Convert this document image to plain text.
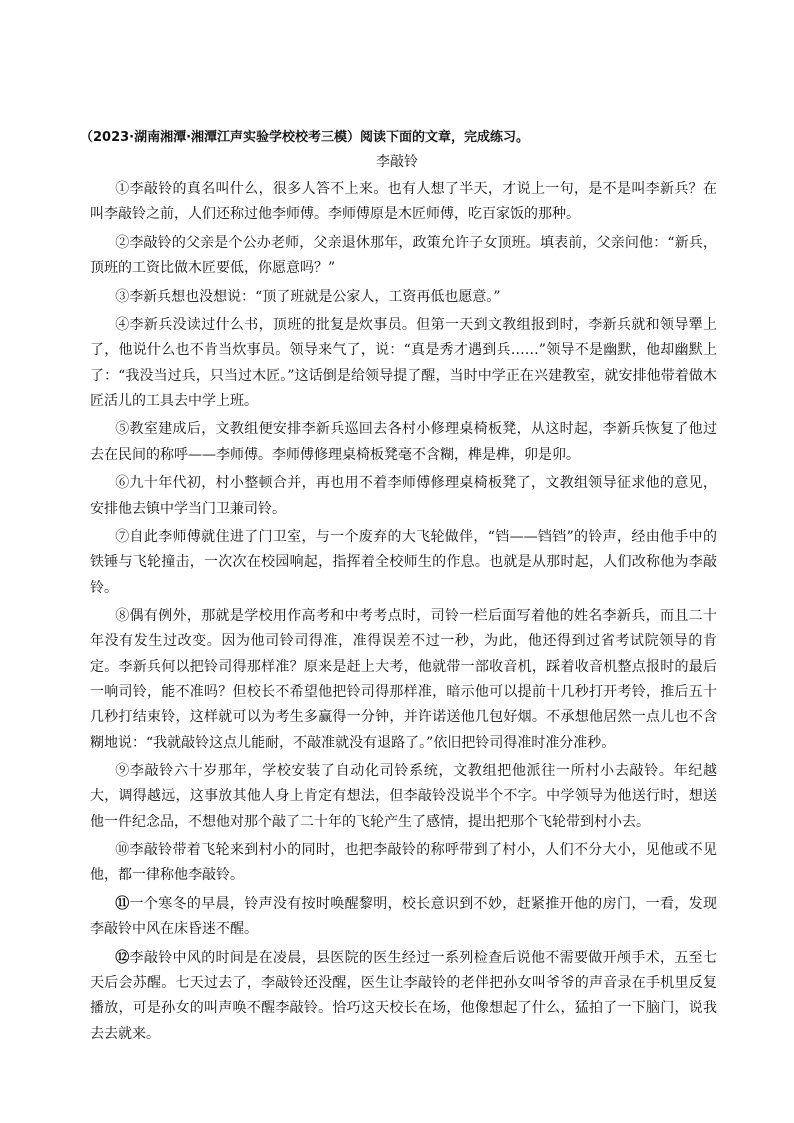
（2023·湖南湘潭·湘潭江声实验学校校考三模）阅读下面的文章，完成练习。
李敲铃

①李敲铃的真名叫什么，很多人答不上来。也有人想了半天，才说上一句，是不是叫李新兵？在叫李敲铃之前，人们还称过他李师傅。李师傅原是木匠师傅，吃百家饭的那种。

②李敲铃的父亲是个公办老师，父亲退休那年，政策允许子女顶班。填表前，父亲问他：“新兵，顶班的工资比做木匠要低，你愿意吗？”

③李新兵想也没想说：“顶了班就是公家人，工资再低也愿意。”

④李新兵没读过什么书，顶班的批复是炊事员。但第一天到文教组报到时，李新兵就和领导犟上了，他说什么也不肯当炊事员。领导来气了，说：“真是秀才遇到兵……”领导不是幽默，他却幽默上了：“我没当过兵，只当过木匠。”这话倒是给领导提了醒，当时中学正在兴建教室，就安排他带着做木匠活儿的工具去中学上班。

⑤教室建成后，文教组便安排李新兵巡回去各村小修理桌椅板凳，从这时起，李新兵恢复了他过去在民间的称呼——李师傅。李师傅修理桌椅板凳毫不含糊，榫是榫，卯是卯。

⑥九十年代初，村小整顿合并，再也用不着李师傅修理桌椅板凳了，文教组领导征求他的意见，安排他去镇中学当门卫兼司铃。

⑦自此李师傅就住进了门卫室，与一个废弃的大飞轮做伴，“铛——铛铛”的铃声，经由他手中的铁锤与飞轮撞击，一次次在校园响起，指挥着全校师生的作息。也就是从那时起，人们改称他为李敲铃。

⑧偶有例外，那就是学校用作高考和中考考点时，司铃一栏后面写着他的姓名李新兵，而且二十年没有发生过改变。因为他司铃司得准，准得误差不过一秒，为此，他还得到过省考试院领导的肯定。李新兵何以把铃司得那样准？原来是赶上大考，他就带一部收音机，踩着收音机整点报时的最后一响司铃，能不准吗？但校长不希望他把铃司得那样准，暗示他可以提前十几秒打开考铃，推后五十几秒打结束铃，这样就可以为考生多赢得一分钟，并许诺送他几包好烟。不承想他居然一点儿也不含糊地说：“我就敲铃这点儿能耐，不敲准就没有退路了。”依旧把铃司得准时准分准秒。

⑨李敲铃六十岁那年，学校安装了自动化司铃系统，文教组把他派往一所村小去敲铃。年纪越大，调得越远，这事放其他人身上肯定有想法，但李敲铃没说半个不字。中学领导为他送行时，想送他一件纪念品，不想他对那个敲了二十年的飞轮产生了感情，提出把那个飞轮带到村小去。

⑩李敲铃带着飞轮来到村小的同时，也把李敲铃的称呼带到了村小，人们不分大小，见他或不见他，都一律称他李敲铃。

⑪一个寒冬的早晨，铃声没有按时唤醒黎明，校长意识到不妙，赶紧推开他的房门，一看，发现李敲铃中风在床昏迷不醒。

⑫李敲铃中风的时间是在凌晨，县医院的医生经过一系列检查后说他不需要做开颅手术，五至七天后会苏醒。七天过去了，李敲铃还没醒，医生让李敲铃的老伴把孙女叫爷爷的声音录在手机里反复播放，可是孙女的叫声唤不醒李敲铃。恰巧这天校长在场，他像想起了什么，猛拍了一下脑门，说我去去就来。
